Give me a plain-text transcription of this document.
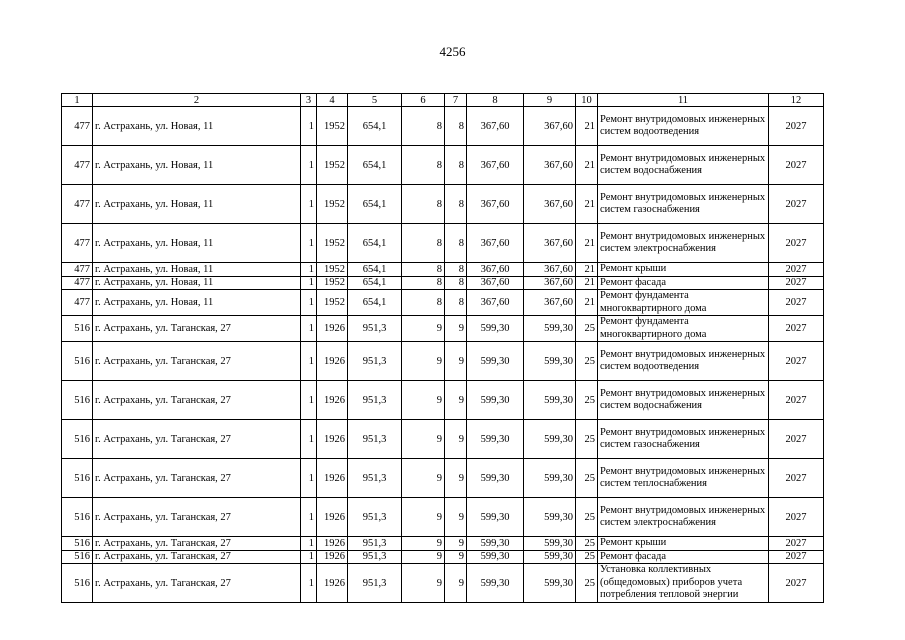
4256
1	2	3	4	5	6	7	8	9	10	11	12
477	г. Астрахань, ул. Новая, 11	1	1952	654,1	8	8	367,60	367,60	21	Ремонт внутридомовых инженерных систем водоотведения	2027
477	г. Астрахань, ул. Новая, 11	1	1952	654,1	8	8	367,60	367,60	21	Ремонт внутридомовых инженерных систем водоснабжения	2027
477	г. Астрахань, ул. Новая, 11	1	1952	654,1	8	8	367,60	367,60	21	Ремонт внутридомовых инженерных систем газоснабжения	2027
477	г. Астрахань, ул. Новая, 11	1	1952	654,1	8	8	367,60	367,60	21	Ремонт внутридомовых инженерных систем электроснабжения	2027
477	г. Астрахань, ул. Новая, 11	1	1952	654,1	8	8	367,60	367,60	21	Ремонт крыши	2027
477	г. Астрахань, ул. Новая, 11	1	1952	654,1	8	8	367,60	367,60	21	Ремонт фасада	2027
477	г. Астрахань, ул. Новая, 11	1	1952	654,1	8	8	367,60	367,60	21	Ремонт фундамента многоквартирного дома	2027
516	г. Астрахань, ул. Таганская, 27	1	1926	951,3	9	9	599,30	599,30	25	Ремонт фундамента многоквартирного дома	2027
516	г. Астрахань, ул. Таганская, 27	1	1926	951,3	9	9	599,30	599,30	25	Ремонт внутридомовых инженерных систем водоотведения	2027
516	г. Астрахань, ул. Таганская, 27	1	1926	951,3	9	9	599,30	599,30	25	Ремонт внутридомовых инженерных систем водоснабжения	2027
516	г. Астрахань, ул. Таганская, 27	1	1926	951,3	9	9	599,30	599,30	25	Ремонт внутридомовых инженерных систем газоснабжения	2027
516	г. Астрахань, ул. Таганская, 27	1	1926	951,3	9	9	599,30	599,30	25	Ремонт внутридомовых инженерных систем теплоснабжения	2027
516	г. Астрахань, ул. Таганская, 27	1	1926	951,3	9	9	599,30	599,30	25	Ремонт внутридомовых инженерных систем электроснабжения	2027
516	г. Астрахань, ул. Таганская, 27	1	1926	951,3	9	9	599,30	599,30	25	Ремонт крыши	2027
516	г. Астрахань, ул. Таганская, 27	1	1926	951,3	9	9	599,30	599,30	25	Ремонт фасада	2027
516	г. Астрахань, ул. Таганская, 27	1	1926	951,3	9	9	599,30	599,30	25	Установка коллективных (общедомовых) приборов учета потребления тепловой энергии	2027
